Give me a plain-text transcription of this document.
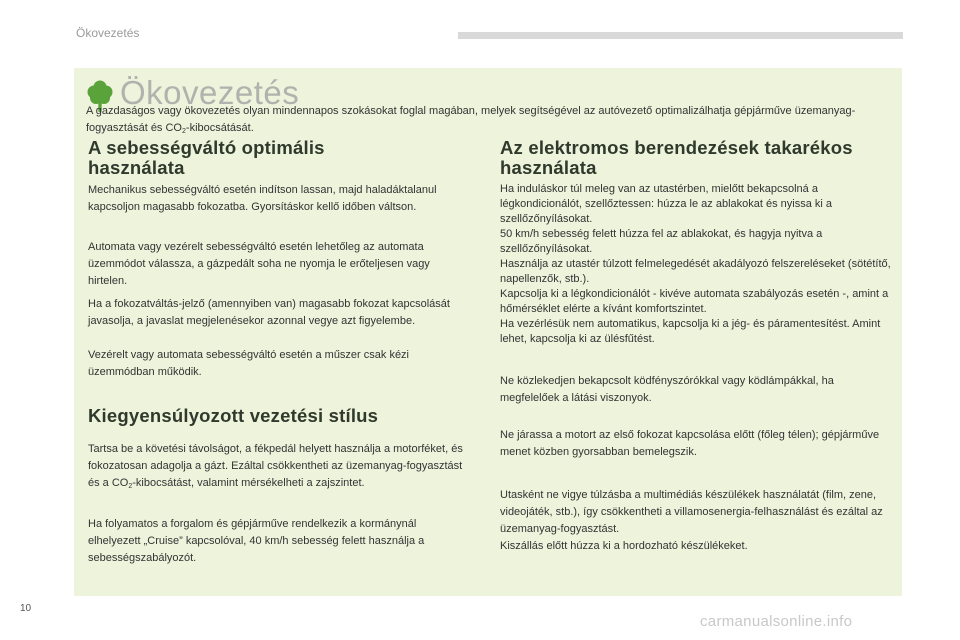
Ökovezetés
Ökovezetés
A gazdaságos vagy ökovezetés olyan mindennapos szokásokat foglal magában, melyek segítségével az autóvezető optimalizálhatja gépjárműve üzemanyag-fogyasztását és $CO_2$-kibocsátását.
A sebességváltó optimális
használata

Mechanikus sebességváltó esetén indítson lassan, majd haladáktalanul kapcsoljon magasabb fokozatba. Gyorsításkor kellő időben váltson.

Automata vagy vezérelt sebességváltó esetén lehetőleg az automata üzemmódot válassza, a gázpedált soha ne nyomja le erőteljesen vagy hirtelen.

Ha a fokozatváltás-jelző (amennyiben van) magasabb fokozat kapcsolását javasolja, a javaslat megjelenésekor azonnal vegye azt figyelembe.

Vezérelt vagy automata sebességváltó esetén a műszer csak kézi üzemmódban működik.

Kiegyensúlyozott vezetési stílus

Tartsa be a követési távolságot, a fékpedál helyett használja a motorféket, és fokozatosan adagolja a gázt. Ezáltal csökkentheti az üzemanyag-fogyasztást és a $CO_2$-kibocsátást, valamint mérsékelheti a zajszintet.

Ha folyamatos a forgalom és gépjárműve rendelkezik a kormánynál elhelyezett „Cruise” kapcsolóval, 40 km/h sebesség felett használja a sebességszabályozót.

Az elektromos berendezések takarékos
használata

Ha induláskor túl meleg van az utastérben, mielőtt bekapcsolná a légkondicionálót, szellőztessen: húzza le az ablakokat és nyissa ki a szellőzőnyílásokat.

50 km/h sebesség felett húzza fel az ablakokat, és hagyja nyitva a szellőzőnyílásokat.

Használja az utastér túlzott felmelegedését akadályozó felszereléseket (sötétítő, napellenzők, stb.).

Kapcsolja ki a légkondicionálót - kivéve automata szabályozás esetén -, amint a hőmérséklet elérte a kívánt komfortszintet.

Ha vezérlésük nem automatikus, kapcsolja ki a jég- és páramentesítést. Amint lehet, kapcsolja ki az ülésfűtést.

Ne közlekedjen bekapcsolt ködfényszórókkal vagy ködlámpákkal, ha megfelelőek a látási viszonyok.

Ne járassa a motort az első fokozat kapcsolása előtt (főleg télen); gépjárműve menet közben gyorsabban bemelegszik.

Utasként ne vigye túlzásba a multimédiás készülékek használatát (film, zene, videojáték, stb.), így csökkentheti a villamosenergia-felhasználást és ezáltal az üzemanyag-fogyasztást.

Kiszállás előtt húzza ki a hordozható készülékeket.

10
carmanualsonline.info
